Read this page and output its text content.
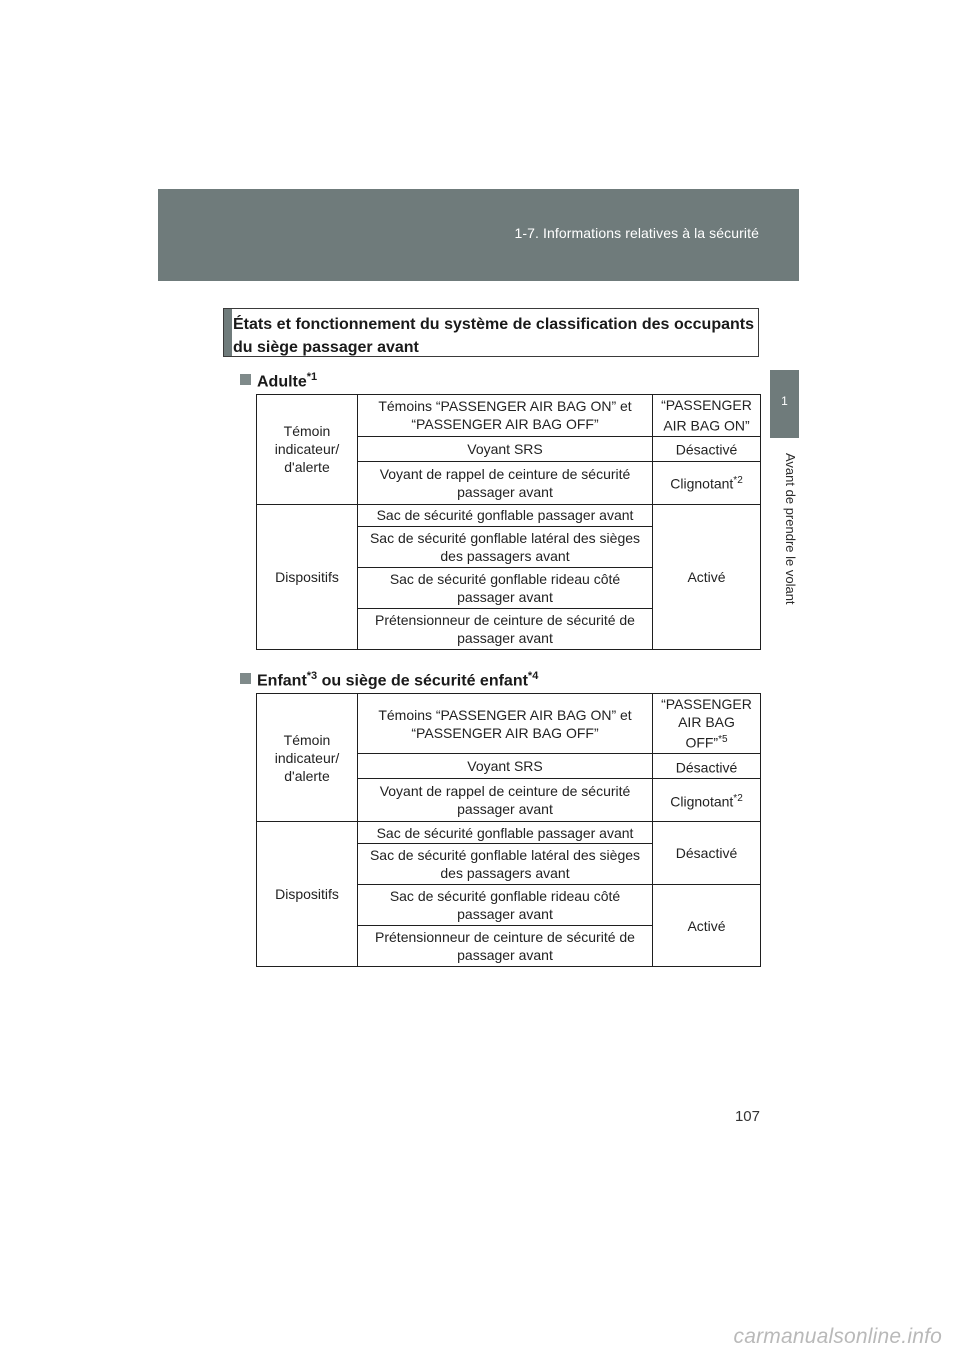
1-7. Informations relatives à la sécurité
1
Avant de prendre le volant
États et fonctionnement du système de classification des occupants du siège passager avant
Adulte$^{*1}$
Témoin indicateur/ d'alerte	Témoins “PASSENGER AIR BAG ON” et “PASSENGER AIR BAG OFF”	“PASSENGER AIR BAG ON”
	Voyant SRS	Désactivé
	Voyant de rappel de ceinture de sécurité passager avant	Clignotant$^{*2}$
Dispositifs	Sac de sécurité gonflable passager avant	Activé
	Sac de sécurité gonflable latéral des sièges des passagers avant	
	Sac de sécurité gonflable rideau côté passager avant	
	Prétensionneur de ceinture de sécurité de passager avant	
Enfant$^{*3}$ ou siège de sécurité enfant$^{*4}$
Témoin indicateur/ d'alerte	Témoins “PASSENGER AIR BAG ON” et “PASSENGER AIR BAG OFF”	“PASSENGER AIR BAG OFF”$^{*5}$
	Voyant SRS	Désactivé
	Voyant de rappel de ceinture de sécurité passager avant	Clignotant$^{*2}$
Dispositifs	Sac de sécurité gonflable passager avant	Désactivé
	Sac de sécurité gonflable latéral des sièges des passagers avant	
	Sac de sécurité gonflable rideau côté passager avant	Activé
	Prétensionneur de ceinture de sécurité de passager avant	
107
carmanualsonline.info
